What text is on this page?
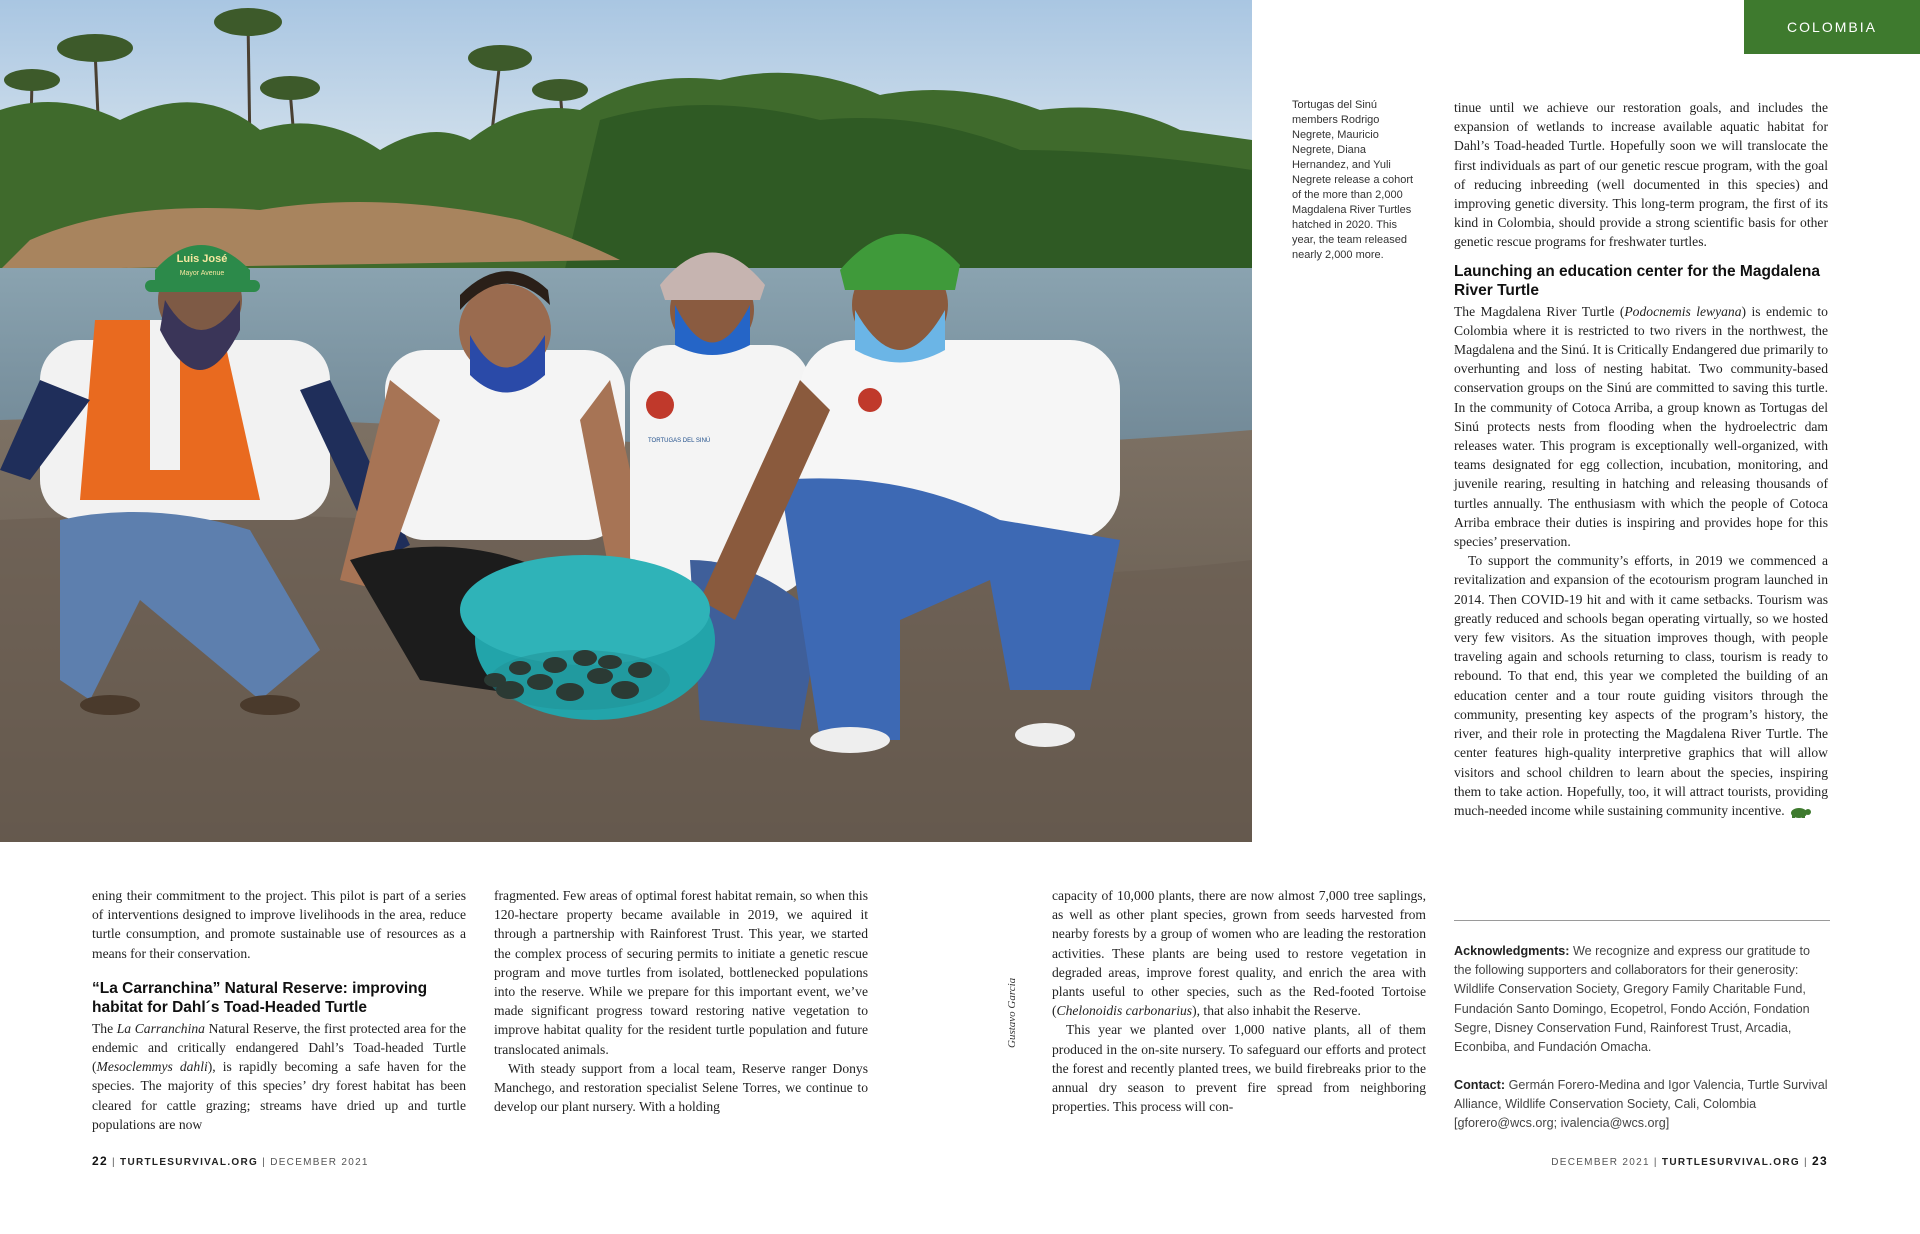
Luis José
Mayor Avenue
TORTUGAS DEL SINÚ
COLOMBIA
Tortugas del Sinú members Rodrigo Negrete, Mauricio Negrete, Diana Hernandez, and Yuli Negrete release a cohort of the more than 2,000 Magdalena River Turtles hatched in 2020. This year, the team released nearly 2,000 more.

ening their commitment to the project. This pilot is part of a series of interventions designed to improve livelihoods in the area, reduce turtle consumption, and promote sustainable use of resources as a means for their conservation.

“La Carranchina” Natural Reserve: improving habitat for Dahl´s Toad-Headed Turtle

The La Carranchina Natural Reserve, the first protected area for the endemic and critically endangered Dahl’s Toad-headed Turtle (Mesoclemmys dahli), is rapidly becoming a safe haven for the species. The majority of this species’ dry forest habitat has been cleared for cattle grazing; streams have dried up and turtle populations are now

fragmented. Few areas of optimal forest habitat remain, so when this 120-hectare property became available in 2019, we aquired it through a partnership with Rainforest Trust. This year, we started the complex process of securing permits to initiate a genetic rescue program and move turtles from isolated, bottlenecked populations into the reserve. While we prepare for this important event, we’ve made significant progress toward restoring native vegetation to improve habitat quality for the resident turtle population and future translocated animals.

With steady support from a local team, Reserve ranger Donys Manchego, and restoration specialist Selene Torres, we continue to develop our plant nursery. With a holding

Gustavo Garcia

capacity of 10,000 plants, there are now almost 7,000 tree saplings, as well as other plant species, grown from seeds harvested from nearby forests by a group of women who are leading the restoration activities. These plants are being used to restore vegetation in degraded areas, improve forest quality, and enrich the area with plants useful to other species, such as the Red-footed Tortoise (Chelonoidis carbonarius), that also inhabit the Reserve.

This year we planted over 1,000 native plants, all of them produced in the on-site nursery. To safeguard our efforts and protect the forest and recently planted trees, we build firebreaks prior to the annual dry season to prevent fire spread from neighboring properties. This process will con-

tinue until we achieve our restoration goals, and includes the expansion of wetlands to increase available aquatic habitat for Dahl’s Toad-headed Turtle. Hopefully soon we will translocate the first individuals as part of our genetic rescue program, with the goal of reducing inbreeding (well documented in this species) and improving genetic diversity. This long-term program, the first of its kind in Colombia, should provide a strong scientific basis for other genetic rescue programs for freshwater turtles.

Launching an education center for the Magdalena River Turtle

The Magdalena River Turtle (Podocnemis lewyana) is endemic to Colombia where it is restricted to two rivers in the northwest, the Magdalena and the Sinú. It is Critically Endangered due primarily to overhunting and loss of nesting habitat. Two community-based conservation groups on the Sinú are committed to saving this turtle. In the community of Cotoca Arriba, a group known as Tortugas del Sinú protects nests from flooding when the hydroelectric dam releases water. This program is exceptionally well-organized, with teams designated for egg collection, incubation, monitoring, and juvenile rearing, resulting in hatching and releasing thousands of turtles annually. The enthusiasm with which the people of Cotoca Arriba embrace their duties is inspiring and provides hope for this species’ preservation.

To support the community’s efforts, in 2019 we commenced a revitalization and expansion of the ecotourism program launched in 2014. Then COVID-19 hit and with it came setbacks. Tourism was greatly reduced and schools began operating virtually, so we hosted very few visitors. As the situation improves though, with people traveling again and schools returning to class, tourism is ready to rebound. To that end, this year we completed the building of an education center and a tour route guiding visitors through the community, presenting key aspects of the program’s history, the river, and their role in protecting the Magdalena River Turtle. The center features high-quality interpretive graphics that will allow visitors and school children to learn about the species, inspiring them to take action. Hopefully, too, it will attract tourists, providing much-needed income while sustaining community incentive.

Acknowledgments: We recognize and express our gratitude to the following supporters and collaborators for their generosity: Wildlife Conservation Society, Gregory Family Charitable Fund, Fundación Santo Domingo, Ecopetrol, Fondo Acción, Fondation Segre, Disney Conservation Fund, Rainforest Trust, Arcadia, Econbiba, and Fundación Omacha.
Contact: Germán Forero-Medina and Igor Valencia, Turtle Survival Alliance, Wildlife Conservation Society, Cali, Colombia [gforero@wcs.org; ivalencia@wcs.org]
22 | TURTLESURVIVAL.ORG | DECEMBER 2021	DECEMBER 2021 | TURTLESURVIVAL.ORG | 23
